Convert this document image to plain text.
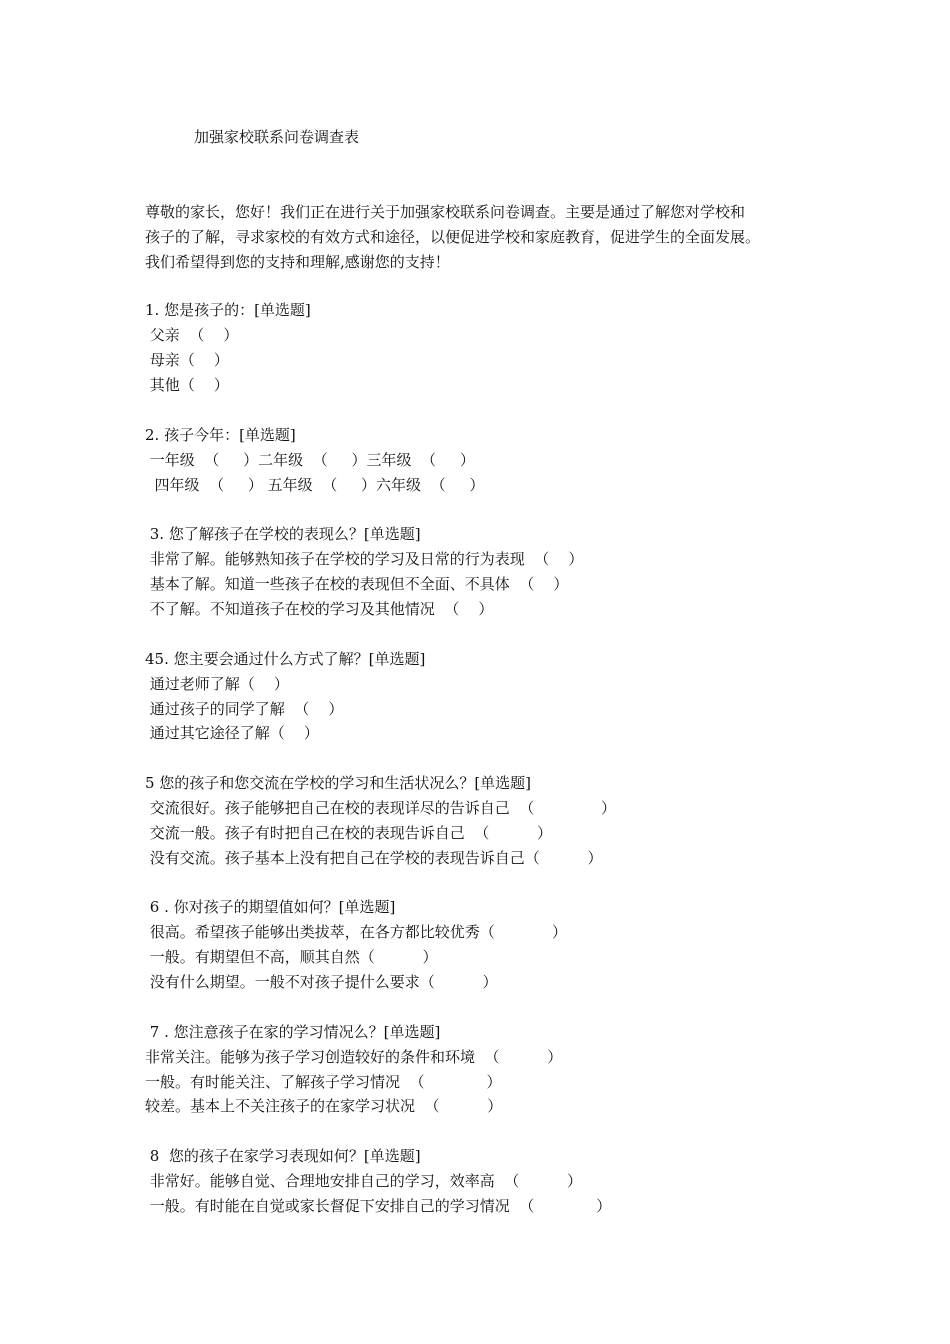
加强家校联系问卷调查表

尊敬的家长，您好！我们正在进行关于加强家校联系问卷调查。主要是通过了解您对学校和

孩子的了解，寻求家校的有效方式和途径，以便促进学校和家庭教育，促进学生的全面发展。

我们希望得到您的支持和理解,感谢您的支持！

1. 您是孩子的：[单选题]
父亲  （    ）
母亲（    ）
其他（    ）
2. 孩子今年：[单选题]
一年级  （     ）二年级  （     ）三年级  （     ）
四年级  （     ） 五年级  （     ）六年级  （     ）
3. 您了解孩子在学校的表现么？[单选题]
非常了解。能够熟知孩子在学校的学习及日常的行为表现  （    ）
基本了解。知道一些孩子在校的表现但不全面、不具体  （    ）
不了解。不知道孩子在校的学习及其他情况  （    ）
45. 您主要会通过什么方式了解？[单选题]
通过老师了解（    ）
通过孩子的同学了解  （    ）
通过其它途径了解（    ）
5 您的孩子和您交流在学校的学习和生活状况么？[单选题]
交流很好。孩子能够把自己在校的表现详尽的告诉自己  （              ）
交流一般。孩子有时把自己在校的表现告诉自己  （          ）
没有交流。孩子基本上没有把自己在学校的表现告诉自己（          ）
6 . 你对孩子的期望值如何？[单选题]
很高。希望孩子能够出类拔萃，在各方都比较优秀（            ）
一般。有期望但不高，顺其自然（          ）
没有什么期望。一般不对孩子提什么要求（          ）
7 . 您注意孩子在家的学习情况么？[单选题]
非常关注。能够为孩子学习创造较好的条件和环境  （          ）
一般。有时能关注、了解孩子学习情况  （             ）
较差。基本上不关注孩子的在家学习状况  （          ）
8  您的孩子在家学习表现如何？[单选题]
非常好。能够自觉、合理地安排自己的学习，效率高  （          ）
一般。有时能在自觉或家长督促下安排自己的学习情况  （             ）
